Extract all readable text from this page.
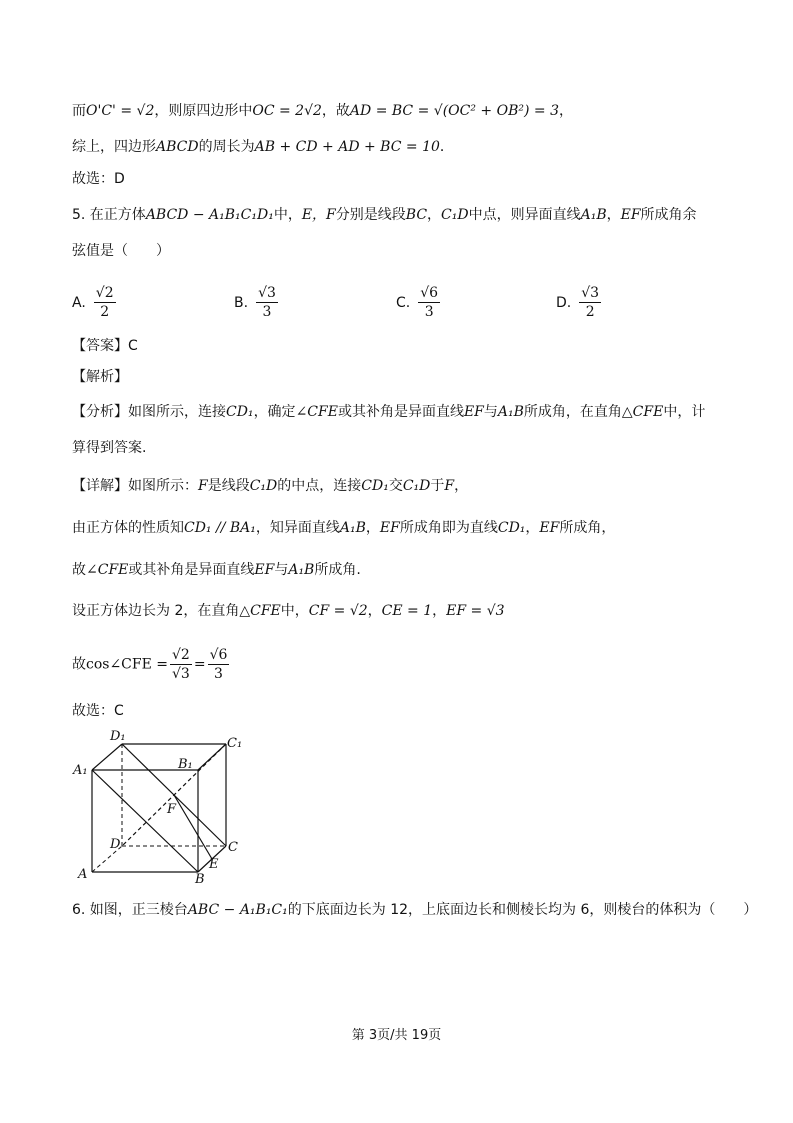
而O'C' = √2，则原四边形中OC = 2√2，故AD = BC = √(OC² + OB²) = 3，
综上，四边形ABCD的周长为AB + CD + AD + BC = 10．
故选：D
5. 在正方体ABCD − A₁B₁C₁D₁中，E，F分别是线段BC，C₁D中点，则异面直线A₁B，EF所成角余
弦值是（　　）
A. $\frac{√2}{2}$	B. $\frac{√3}{3}$	C. $\frac{√6}{3}$	D. $\frac{√3}{2}$
【答案】C
【解析】
【分析】如图所示，连接CD₁，确定∠CFE或其补角是异面直线EF与A₁B所成角，在直角△CFE中，计
算得到答案.
【详解】如图所示：F是线段C₁D的中点，连接CD₁交C₁D于F，
由正方体的性质知CD₁ // BA₁，知异面直线A₁B，EF所成角即为直线CD₁，EF所成角，
故∠CFE或其补角是异面直线EF与A₁B所成角.
设正方体边长为 2，在直角△CFE中，CF = √2，CE = 1，EF = √3
故cos∠CFE = $\frac{√2}{√3} = \frac{√6}{3}$
故选：C
D₁	C₁
A₁	B₁
F
D	C
E
A	B
6. 如图，正三棱台ABC − A₁B₁C₁的下底面边长为 12，上底面边长和侧棱长均为 6，则棱台的体积为（　　）
第 3页/共 19页
